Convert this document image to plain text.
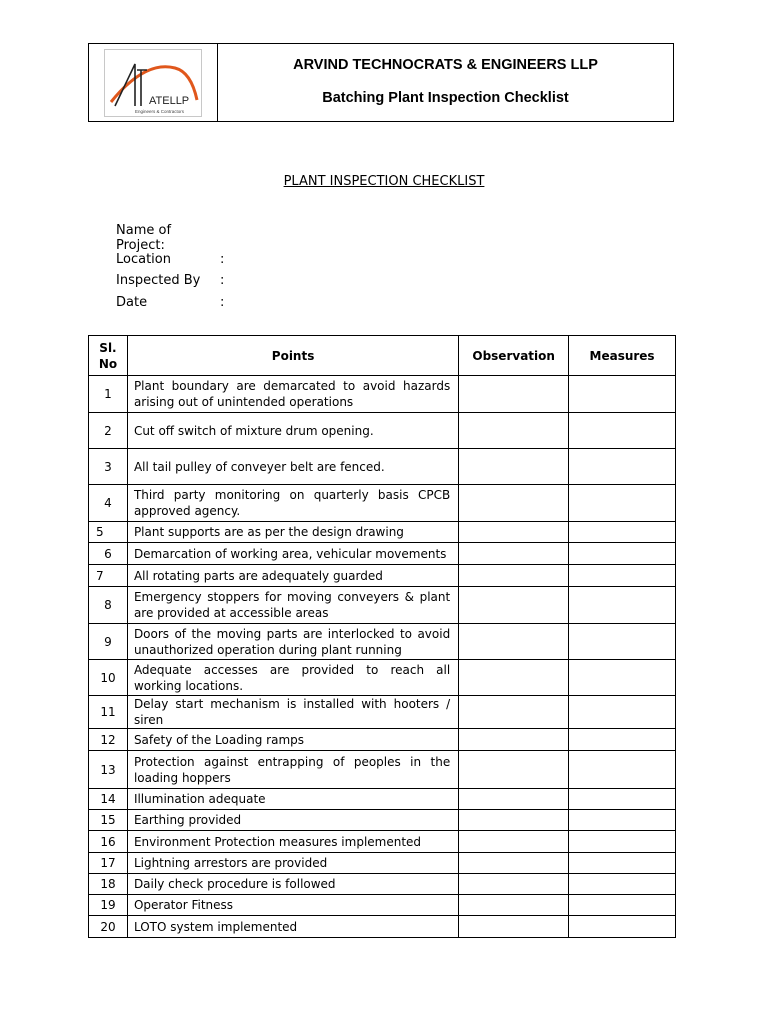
ATELLP
Engineers & Contractors
ARVIND TECHNOCRATS & ENGINEERS LLP
Batching Plant Inspection Checklist
PLANT INSPECTION CHECKLIST
Name of Project:
Location	:
Inspected By	:
Date	:
Sl. No	Points	Observation	Measures
1	Plant boundary are demarcated to avoid hazards arising out of unintended operations		
2	Cut off switch of mixture drum opening.		
3	All tail pulley of conveyer belt are fenced.		
4	Third party monitoring on quarterly basis CPCB approved agency.		
5	Plant supports are as per the design drawing		
6	Demarcation of working area, vehicular movements		
7	All rotating parts are adequately guarded		
8	Emergency stoppers for moving conveyers & plant are provided at accessible areas		
9	Doors of the moving parts are interlocked to avoid unauthorized operation during plant running		
10	Adequate accesses are provided to reach all working locations.		
11	Delay start mechanism is installed with hooters / siren		
12	Safety of the Loading ramps		
13	Protection against entrapping of peoples in the loading hoppers		
14	Illumination adequate		
15	Earthing provided		
16	Environment Protection measures implemented		
17	Lightning arrestors are provided		
18	Daily check procedure is followed		
19	Operator Fitness		
20	LOTO system implemented		
